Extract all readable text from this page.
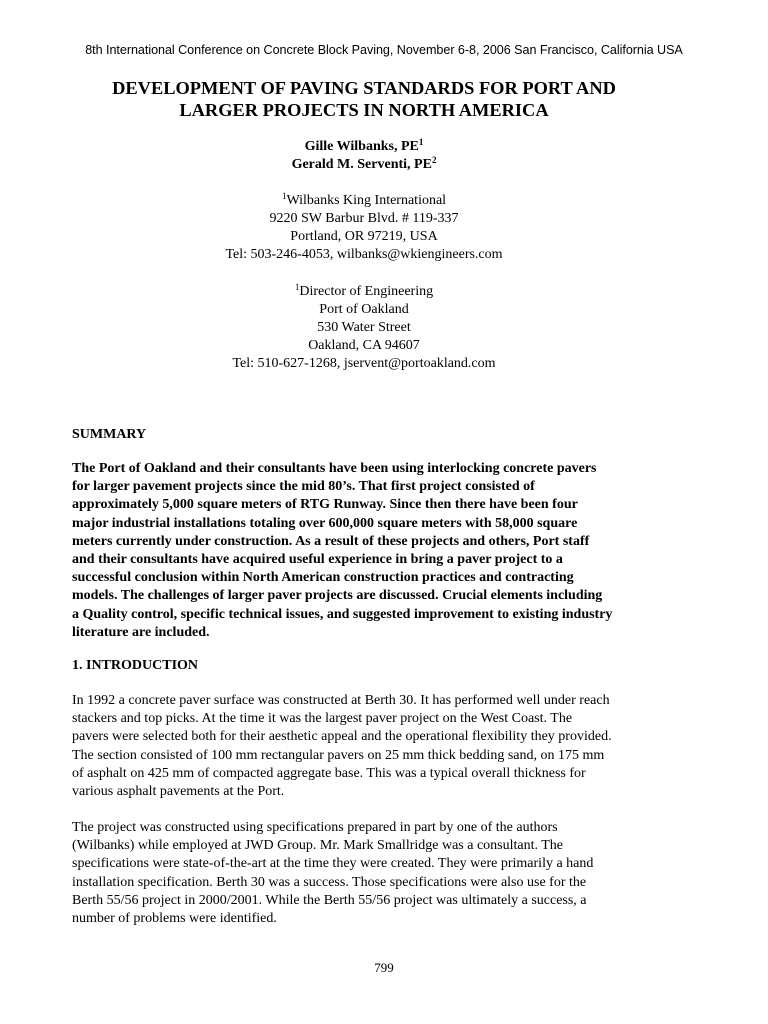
8th International Conference on Concrete Block Paving, November 6-8, 2006 San Francisco, California USA
DEVELOPMENT OF PAVING STANDARDS FOR PORT AND
LARGER PROJECTS IN NORTH AMERICA
Gille Wilbanks, $PE^1$
Gerald M. Serventi, $PE^2$
$^1$Wilbanks King International
9220 SW Barbur Blvd. # 119-337
Portland, OR 97219, USA
Tel: 503-246-4053, wilbanks@wkiengineers.com
$^1$Director of Engineering
Port of Oakland
530 Water Street
Oakland, CA 94607
Tel: 510-627-1268, jservent@portoakland.com
SUMMARY
The Port of Oakland and their consultants have been using interlocking concrete pavers
for larger pavement projects since the mid 80’s. That first project consisted of
approximately 5,000 square meters of RTG Runway. Since then there have been four
major industrial installations totaling over 600,000 square meters with 58,000 square
meters currently under construction. As a result of these projects and others, Port staff
and their consultants have acquired useful experience in bring a paver project to a
successful conclusion within North American construction practices and contracting
models. The challenges of larger paver projects are discussed. Crucial elements including
a Quality control, specific technical issues, and suggested improvement to existing industry
literature are included.
1. INTRODUCTION
In 1992 a concrete paver surface was constructed at Berth 30. It has performed well under reach
stackers and top picks. At the time it was the largest paver project on the West Coast. The
pavers were selected both for their aesthetic appeal and the operational flexibility they provided.
The section consisted of 100 mm rectangular pavers on 25 mm thick bedding sand, on 175 mm
of asphalt on 425 mm of compacted aggregate base. This was a typical overall thickness for
various asphalt pavements at the Port.
The project was constructed using specifications prepared in part by one of the authors
(Wilbanks) while employed at JWD Group. Mr. Mark Smallridge was a consultant. The
specifications were state-of-the-art at the time they were created. They were primarily a hand
installation specification. Berth 30 was a success. Those specifications were also use for the
Berth 55/56 project in 2000/2001. While the Berth 55/56 project was ultimately a success, a
number of problems were identified.
799
